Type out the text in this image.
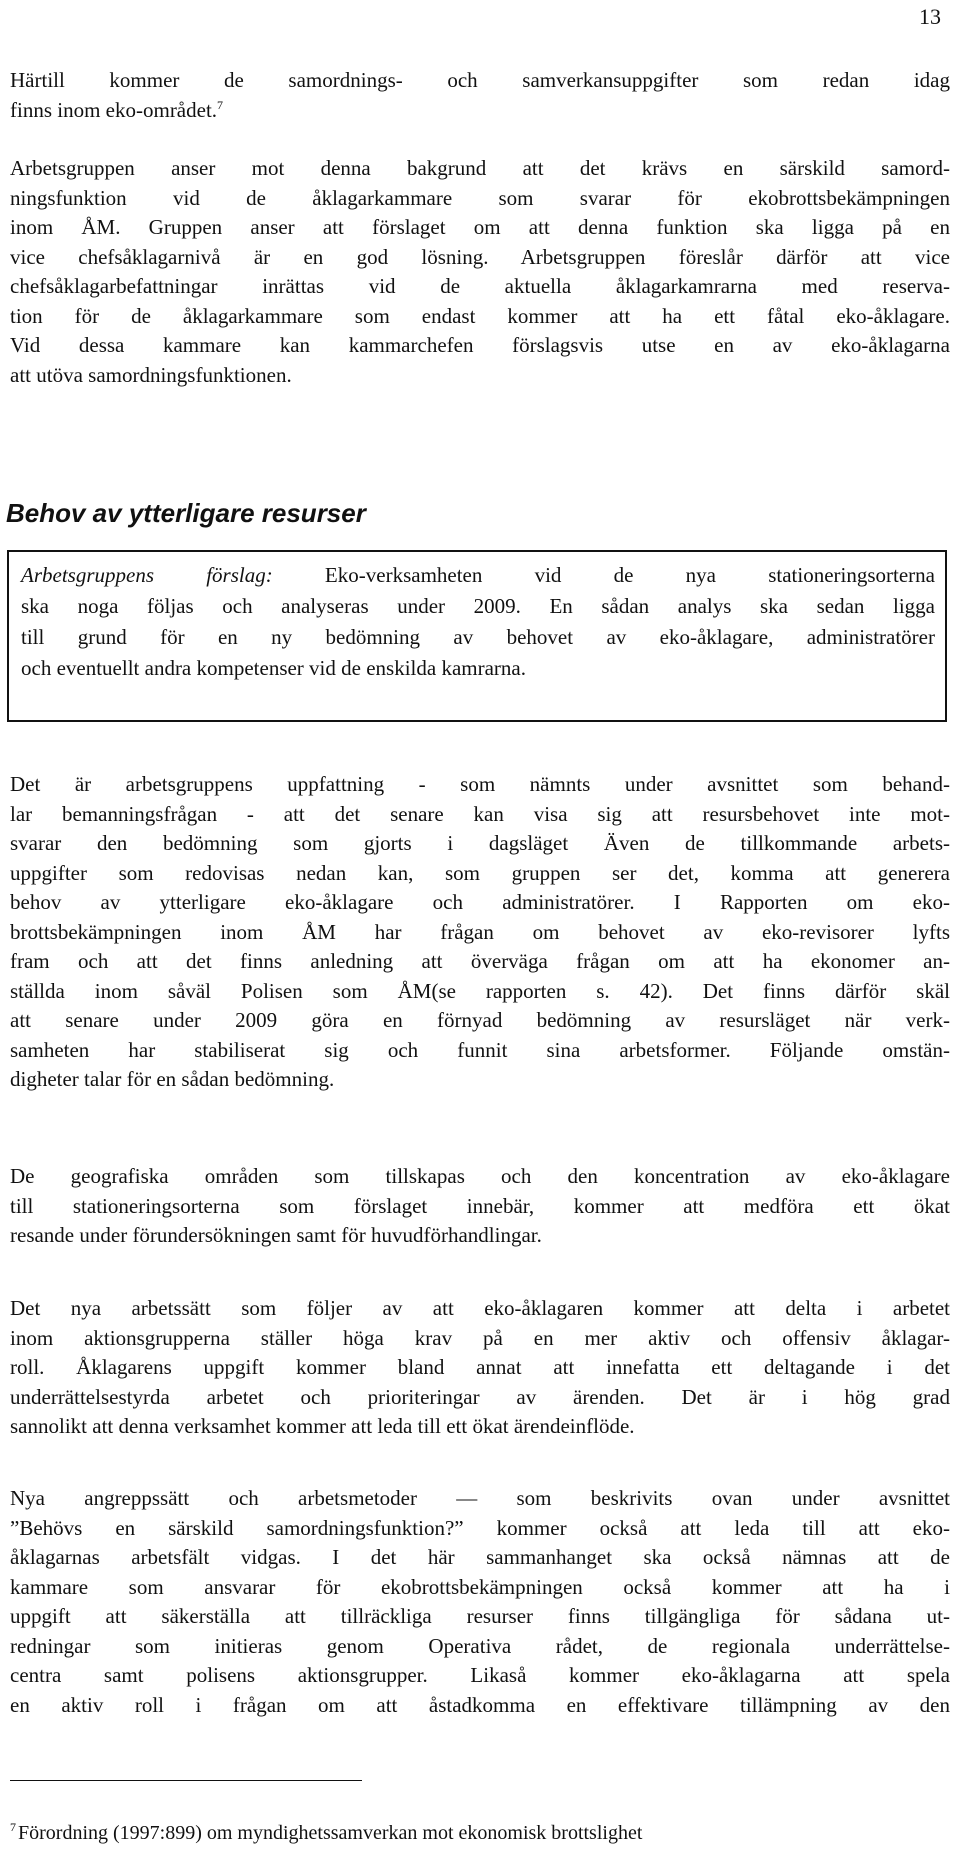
13

Härtill kommer de samordnings- och samverkansuppgifter som redan idag
finns inom eko-området.$^7$

Arbetsgruppen anser mot denna bakgrund att det krävs en särskild samord-
ningsfunktion vid de åklagarkammare som svarar för ekobrottsbekämpningen
inom ÅM. Gruppen anser att förslaget om att denna funktion ska ligga på en
vice chefsåklagarnivå är en god lösning. Arbetsgruppen föreslår därför att vice
chefsåklagarbefattningar inrättas vid de aktuella åklagarkamrarna med reserva-
tion för de åklagarkammare som endast kommer att ha ett fåtal eko-åklagare.
Vid dessa kammare kan kammarchefen förslagsvis utse en av eko-åklagarna
att utöva samordningsfunktionen.

Behov av ytterligare resurser

Arbetsgruppens förslag: Eko-verksamheten vid de nya stationeringsorterna
ska noga följas och analyseras under 2009. En sådan analys ska sedan ligga
till grund för en ny bedömning av behovet av eko-åklagare, administratörer
och eventuellt andra kompetenser vid de enskilda kamrarna.

Det är arbetsgruppens uppfattning - som nämnts under avsnittet som behand-
lar bemanningsfrågan - att det senare kan visa sig att resursbehovet inte mot-
svarar den bedömning som gjorts i dagsläget Även de tillkommande arbets-
uppgifter som redovisas nedan kan, som gruppen ser det, komma att generera
behov av ytterligare eko-åklagare och administratörer. I Rapporten om eko-
brottsbekämpningen inom ÅM har frågan om behovet av eko-revisorer lyfts
fram och att det finns anledning att överväga frågan om att ha ekonomer an-
ställda inom såväl Polisen som ÅM(se rapporten s. 42). Det finns därför skäl
att senare under 2009 göra en förnyad bedömning av resursläget när verk-
samheten har stabiliserat sig och funnit sina arbetsformer. Följande omstän-
digheter talar för en sådan bedömning.

De geografiska områden som tillskapas och den koncentration av eko-åklagare
till stationeringsorterna som förslaget innebär, kommer att medföra ett ökat
resande under förundersökningen samt för huvudförhandlingar.

Det nya arbetssätt som följer av att eko-åklagaren kommer att delta i arbetet
inom aktionsgrupperna ställer höga krav på en mer aktiv och offensiv åklagar-
roll. Åklagarens uppgift kommer bland annat att innefatta ett deltagande i det
underrättelsestyrda arbetet och prioriteringar av ärenden. Det är i hög grad
sannolikt att denna verksamhet kommer att leda till ett ökat ärendeinflöde.

Nya angreppssätt och arbetsmetoder — som beskrivits ovan under avsnittet
”Behövs en särskild samordningsfunktion?” kommer också att leda till att eko-
åklagarnas arbetsfält vidgas. I det här sammanhanget ska också nämnas att de
kammare som ansvarar för ekobrottsbekämpningen också kommer att ha i
uppgift att säkerställa att tillräckliga resurser finns tillgängliga för sådana ut-
redningar som initieras genom Operativa rådet, de regionala underrättelse-
centra samt polisens aktionsgrupper. Likaså kommer eko-åklagarna att spela
en aktiv roll i frågan om att åstadkomma en effektivare tillämpning av den

$^7$ Förordning (1997:899) om myndighetssamverkan mot ekonomisk brottslighet
